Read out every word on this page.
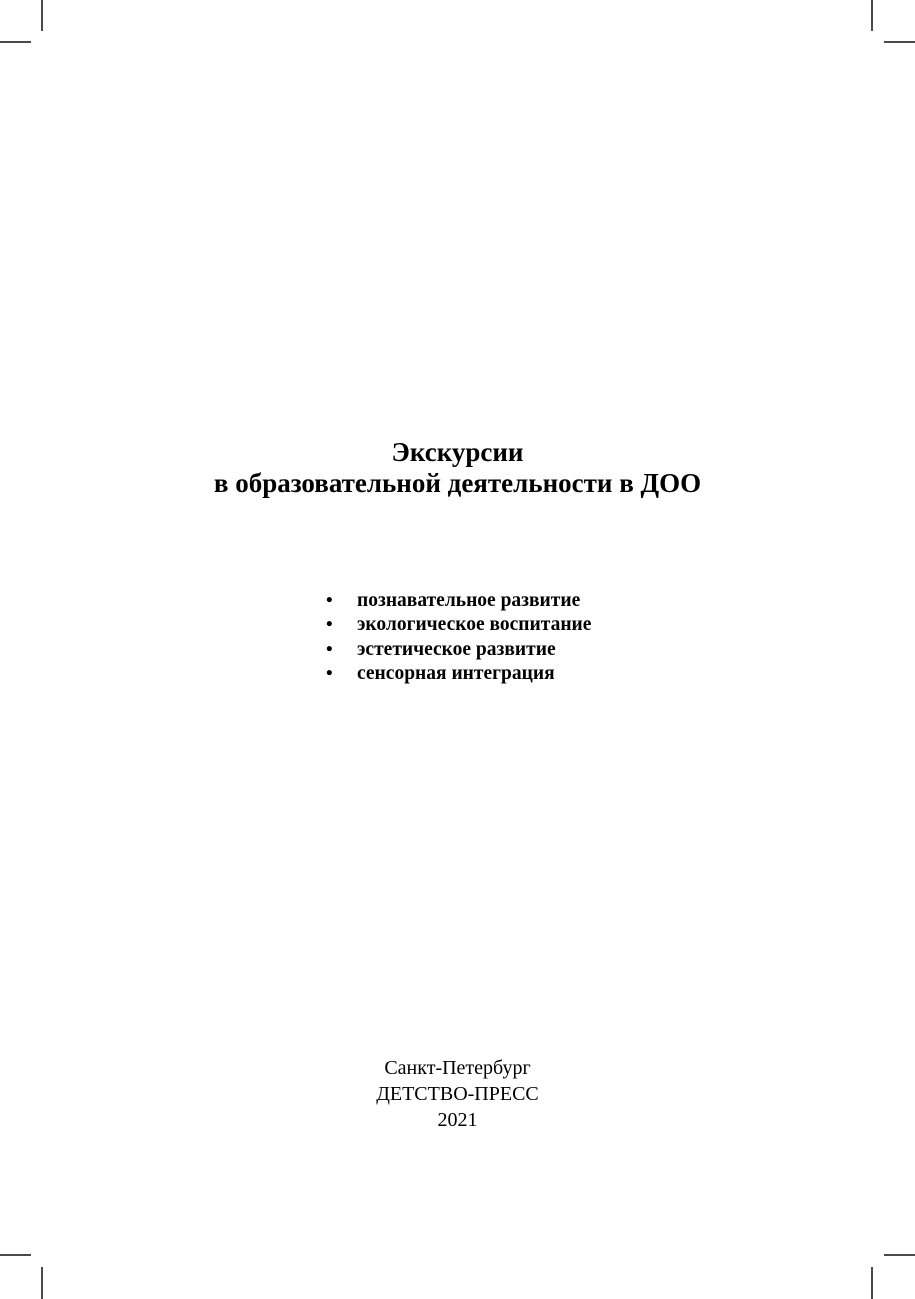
Экскурсии
в образовательной деятельности в ДОО
•	познавательное развитие
•	экологическое воспитание
•	эстетическое развитие
•	сенсорная интеграция
Санкт-Петербург
ДЕТСТВО-ПРЕСС
2021
